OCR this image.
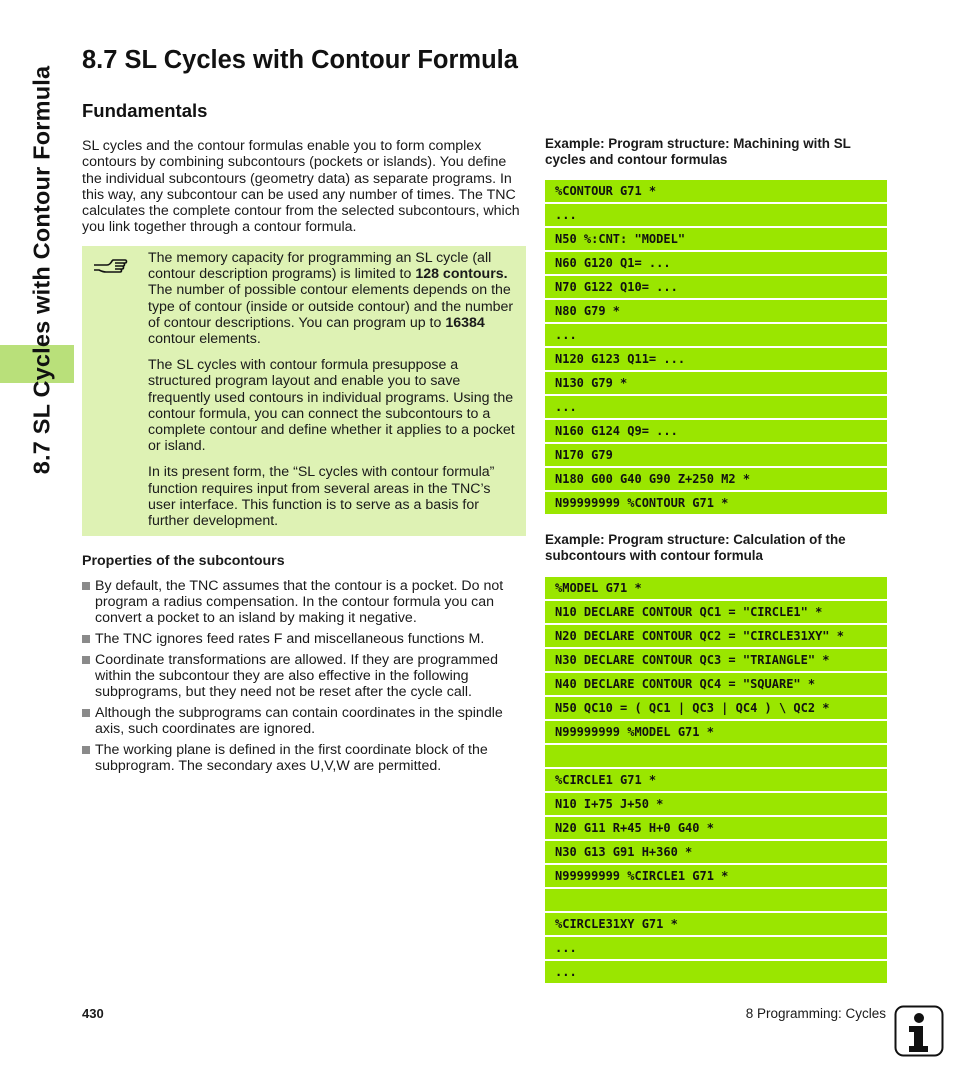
8.7 SL Cycles with Contour Formula
8.7 SL Cycles with Contour Formula
Fundamentals

SL cycles and the contour formulas enable you to form complex contours by combining subcontours (pockets or islands). You define the individual subcontours (geometry data) as separate programs. In this way, any subcontour can be used any number of times. The TNC calculates the complete contour from the selected subcontours, which you link together through a contour formula.

The memory capacity for programming an SL cycle (all contour description programs) is limited to 128 contours. The number of possible contour elements depends on the type of contour (inside or outside contour) and the number of contour descriptions. You can program up to 16384 contour elements.

The SL cycles with contour formula presuppose a structured program layout and enable you to save frequently used contours in individual programs. Using the contour formula, you can connect the subcontours to a complete contour and define whether it applies to a pocket or island.

In its present form, the “SL cycles with contour formula” function requires input from several areas in the TNC’s user interface. This function is to serve as a basis for further development.

Properties of the subcontours
By default, the TNC assumes that the contour is a pocket. Do not program a radius compensation. In the contour formula you can convert a pocket to an island by making it negative.
The TNC ignores feed rates F and miscellaneous functions M.
Coordinate transformations are allowed. If they are programmed within the subcontour they are also effective in the following subprograms, but they need not be reset after the cycle call.
Although the subprograms can contain coordinates in the spindle axis, such coordinates are ignored.
The working plane is defined in the first coordinate block of the subprogram. The secondary axes U,V,W are permitted.
Example: Program structure: Machining with SL cycles and contour formulas
%CONTOUR G71 *
...
N50 %:CNT: "MODEL"
N60 G120 Q1= ...
N70 G122 Q10= ...
N80 G79 *
...
N120 G123 Q11= ...
N130 G79 *
...
N160 G124 Q9= ...
N170 G79
N180 G00 G40 G90 Z+250 M2 *
N99999999 %CONTOUR G71 *
Example: Program structure: Calculation of the subcontours with contour formula
%MODEL G71 *
N10 DECLARE CONTOUR QC1 = "CIRCLE1" *
N20 DECLARE CONTOUR QC2 = "CIRCLE31XY" *
N30 DECLARE CONTOUR QC3 = "TRIANGLE" *
N40 DECLARE CONTOUR QC4 = "SQUARE" *
N50 QC10 = ( QC1 | QC3 | QC4 ) \ QC2 *
N99999999 %MODEL G71 *
%CIRCLE1 G71 *
N10 I+75 J+50 *
N20 G11 R+45 H+0 G40 *
N30 G13 G91 H+360 *
N99999999 %CIRCLE1 G71 *
%CIRCLE31XY G71 *
...
...
430	8 Programming: Cycles
